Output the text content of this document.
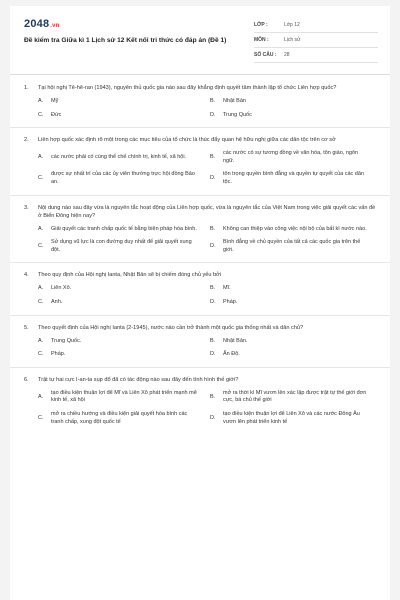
2048.vn
Đề kiểm tra Giữa kì 1 Lịch sử 12 Kết nối tri thức có đáp án (Đề 1)
LỚP :	Lớp 12
MÔN :	Lịch sử
SỐ CÂU :	28
1.	Tại hội nghị Tê-hê-ran (1943), nguyên thủ quốc gia nào sau đây khẳng định quyết tâm thành lập tổ chức Liên hợp quốc?
A.	Mỹ	B.	Nhật Bản
C.	Đức	D.	Trung Quốc
2.	Liên hợp quốc xác định rõ một trong các mục tiêu của tổ chức là thúc đẩy quan hệ hữu nghị giữa các dân tộc trên cơ sở
A.	các nước phải có cùng thể chế chính trị, kinh tế, xã hội.	B.
các nước có sự tương đồng về văn hóa, tôn giáo, ngôn ngữ.
C.
được sự nhất trí của các ủy viên thường trực hội đồng Bảo an.
D.
tôn trọng quyền bình đẳng và quyền tự quyết của các dân tộc.
3.	Nội dung nào sau đây vừa là nguyên tắc hoạt động của Liên hợp quốc, vừa là nguyên tắc của Việt Nam trong việc giải quyết các vấn đề ở Biển Đông hiện nay?
A.	Giải quyết các tranh chấp quốc tế bằng biện pháp hòa bình.	B.	Không can thiệp vào công việc nội bộ của bất kì nước nào.
C.
Sử dụng vũ lực là con đường duy nhất để giải quyết xung đột.
D.
Bình đẳng về chủ quyền của tất cả các quốc gia trên thế giới.
4.	Theo quy định của Hội nghị Ianta, Nhật Bản sẽ bị chiếm đóng chủ yếu bởi
A.	Liên Xô.	B.	Mĩ.
C.	Anh.	D.	Pháp.
5.	Theo quyết định của Hội nghị Ianta (2-1945), nước nào cần trở thành một quốc gia thống nhất và dân chủ?
A.	Trung Quốc.	B.	Nhật Bản.
C.	Pháp.	D.	Ấn Độ.
6.	Trật tự hai cực I-an-ta sụp đổ đã có tác động nào sau đây đến tình hình thế giới?
A.
tạo điều kiện thuận lợi để Mĩ và Liên Xô phát triển mạnh mẽ kinh tế, xã hội
B.
mở ra thời kì Mĩ vươn lên xác lập được trật tự thế giới đơn cực, bá chủ thế giới
C.
mở ra chiều hướng và điều kiện giải quyết hòa bình các tranh chấp, xung đột quốc tế
D.
tạo điều kiện thuận lợi để Liên Xô và các nước Đông Âu vươn lên phát triển kinh tế
